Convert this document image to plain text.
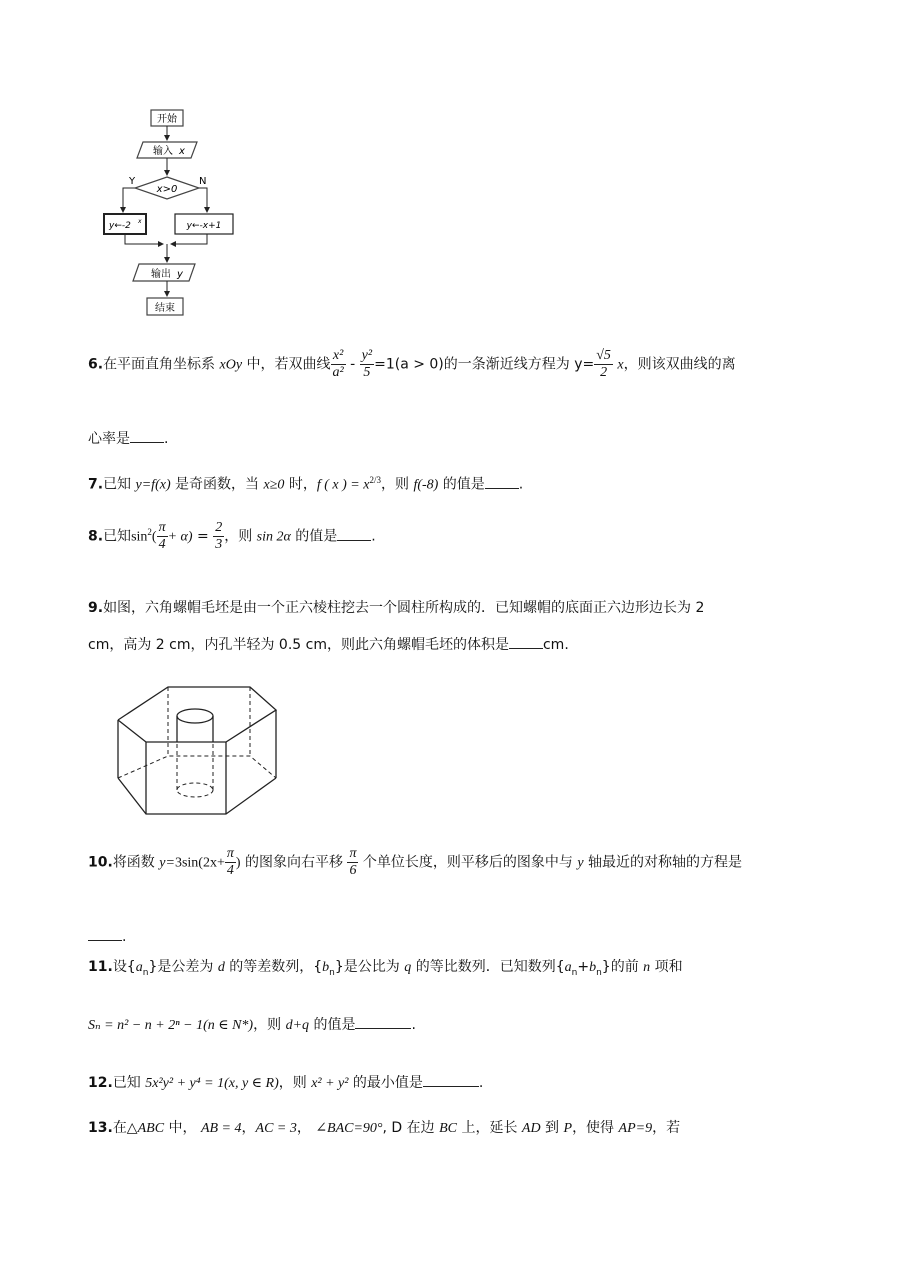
开始
输入 x
x>0
Y	N
y←-2 x	y←-x+1
输出 y
结束
6.在平面直角坐标系 xOy 中，若双曲线 $\frac{\text{x²}}{\text{a²}} - \frac{\text{y²}}{5} =1(a > 0)$的一条渐近线方程为 $y= \frac{√5}{2}$ x，则该双曲线的离
心率是 .
7.已知 y=f(x) 是奇函数，当 x≥0 时，f ( x ) = $x^{2/3}$，则 f(-8) 的值是 .
8.已知$\sin^2( \frac{\pi}{4} + \alpha) = \frac{2}{3}$ ，则 sin 2α 的值是 .
9.如图，六角螺帽毛坯是由一个正六棱柱挖去一个圆柱所构成的．已知螺帽的底面正六边形边长为 2
cm，高为 2 cm，内孔半轻为 0.5 cm，则此六角螺帽毛坯的体积是 cm.
10.将函数 $y=3\sin(2x+ \frac{\pi}{4}$ ) 的图象向右平移 $\frac{\pi}{6}$ 个单位长度，则平移后的图象中与 y 轴最近的对称轴的方程是
.
11.设$\{a_n\}$是公差为 d 的等差数列，$\{b_n\}$是公比为 q 的等比数列．已知数列$\{a_n+b_n\}$的前 n 项和
Sₙ = n² − n + 2ⁿ − 1(n ∈ N*)，则 d+q 的值是	.
12.已知 5x²y² + y⁴ = 1(x, y ∈ R)，则 x² + y² 的最小值是	.
13.在△ABC 中， AB = 4，AC = 3， ∠BAC=90°, D 在边 BC 上，延长 AD 到 P，使得 AP=9，若
